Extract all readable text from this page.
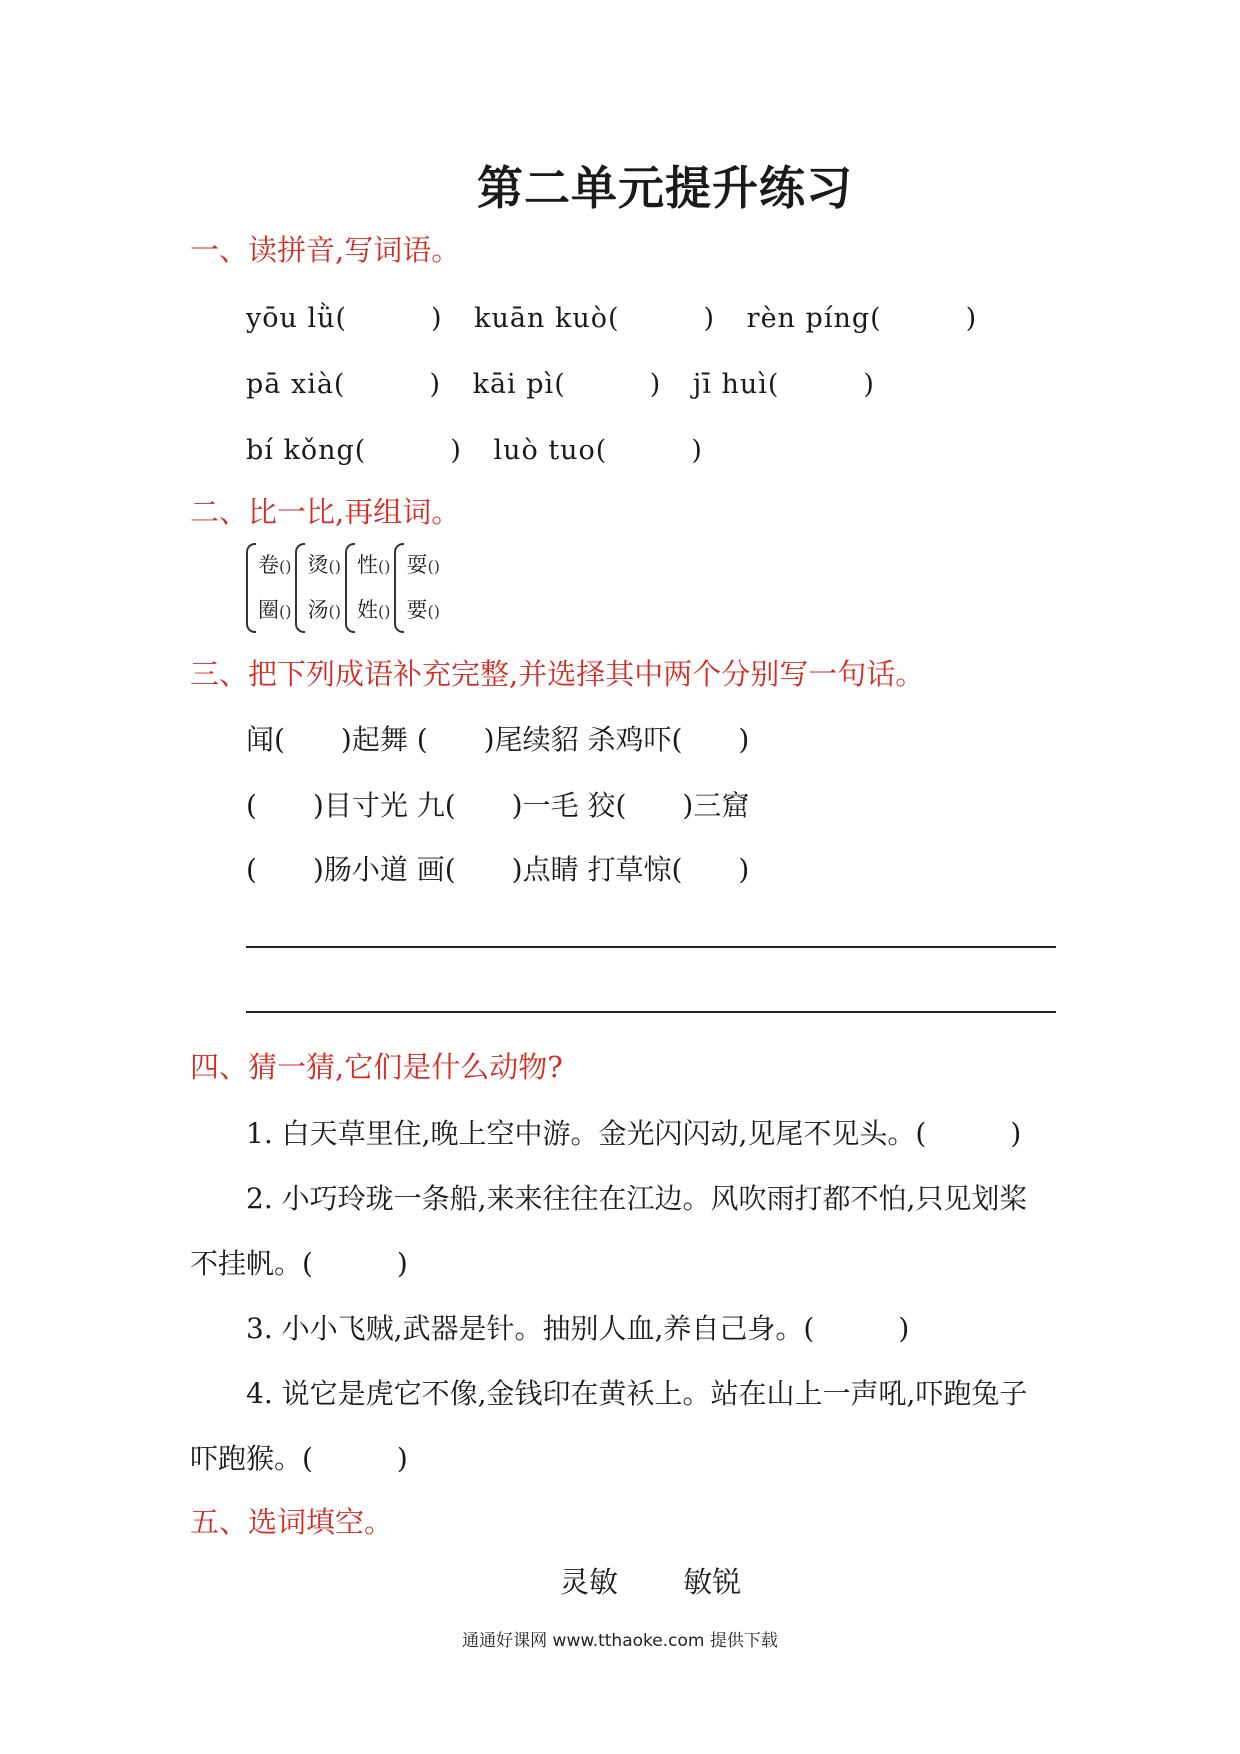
第二单元提升练习
一、读拼音,写词语。
yōu lǜ(　　　) kuān kuò(　　　) rèn píng(　　　)
pā xià(　　　) kāi pì(　　　) jī huì(　　　)
bí kǒng(　　　) luò tuo(　　　)
二、比一比,再组词。
卷()
圈()
烫()
汤()
性()
姓()
耍()
要()
三、把下列成语补充完整,并选择其中两个分别写一句话。
闻(　　)起舞 (　　)尾续貂 杀鸡吓(　　)
(　　)目寸光 九(　　)一毛 狡(　　)三窟
(　　)肠小道 画(　　)点睛 打草惊(　　)
四、猜一猜,它们是什么动物?
1. 白天草里住,晚上空中游。金光闪闪动,见尾不见头。(　　　)
2. 小巧玲珑一条船,来来往往在江边。风吹雨打都不怕,只见划桨
不挂帆。(　　　)
3. 小小飞贼,武器是针。抽别人血,养自己身。(　　　)
4. 说它是虎它不像,金钱印在黄袄上。站在山上一声吼,吓跑兔子
吓跑猴。(　　　)
五、选词填空。
灵敏 敏锐
通通好课网 www.tthaoke.com 提供下载
